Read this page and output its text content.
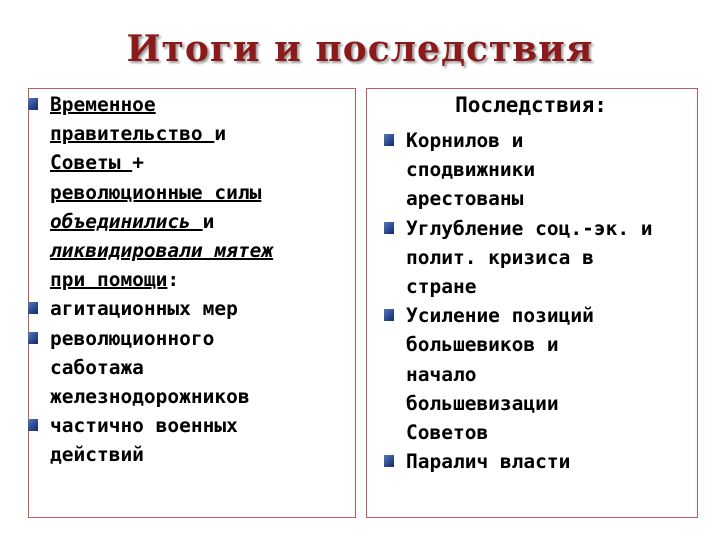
Итоги и последствия
Временное
правительство и
Советы +
революционные силы
объединились и
ликвидировали мятеж
при помощи:
агитационных мер
революционного
саботажа
железнодорожников
частично военных
действий
Последствия:
Корнилов и
сподвижники
арестованы
Углубление соц.-эк. и
полит. кризиса в
стране
Усиление позиций
большевиков и
начало
большевизации
Советов
Паралич власти
